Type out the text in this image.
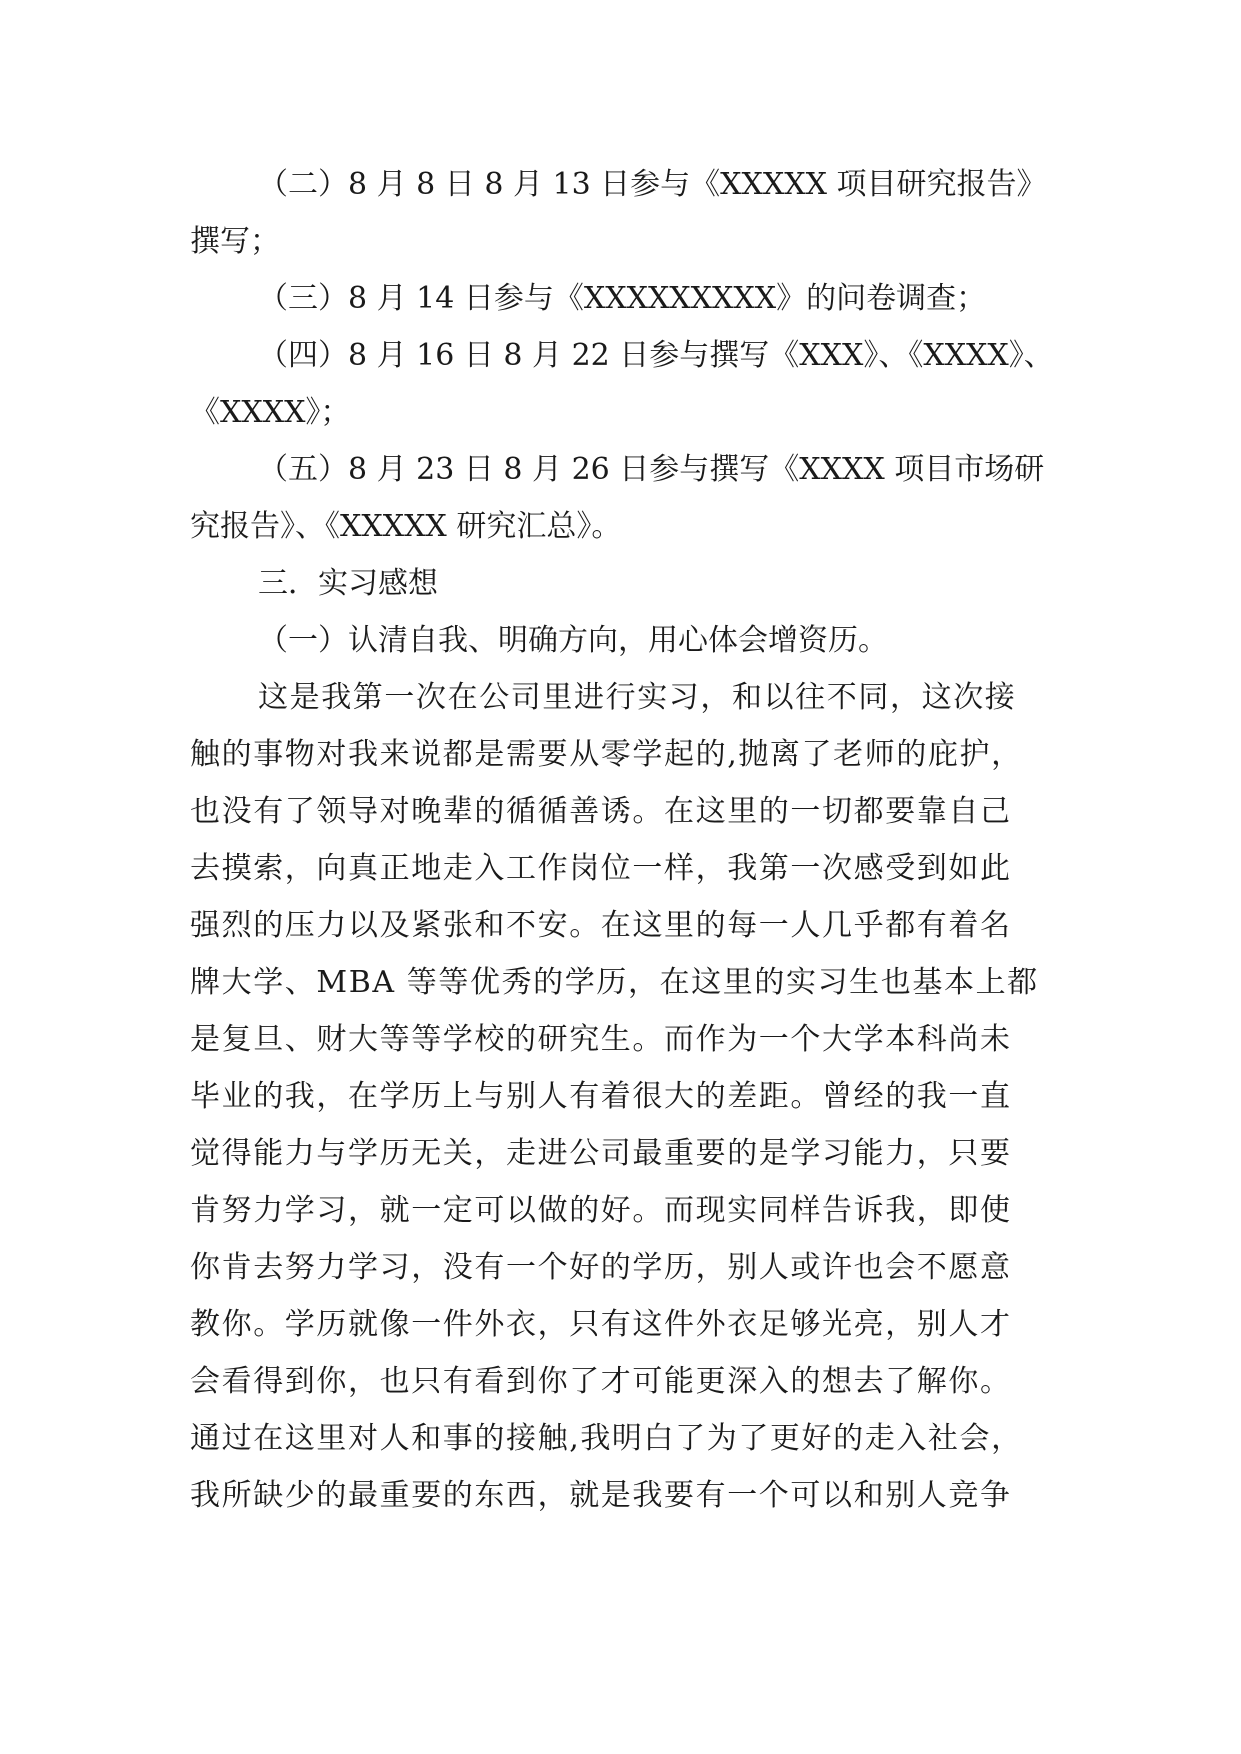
（二）8 月 8 日 8 月 13 日参与《XXXXX 项目研究报告》
撰写；
（三）8 月 14 日参与《XXXXXXXXX》的问卷调查；
（四）8 月 16 日 8 月 22 日参与撰写《XXX》、《XXXX》、
《XXXX》；
（五）8 月 23 日 8 月 26 日参与撰写《XXXX 项目市场研
究报告》、《XXXXX 研究汇总》。
三．实习感想
（一）认清自我、明确方向，用心体会增资历。
这是我第一次在公司里进行实习，和以往不同，这次接
触的事物对我来说都是需要从零学起的,抛离了老师的庇护，
也没有了领导对晚辈的循循善诱。在这里的一切都要靠自己
去摸索，向真正地走入工作岗位一样，我第一次感受到如此
强烈的压力以及紧张和不安。在这里的每一人几乎都有着名
牌大学、MBA 等等优秀的学历，在这里的实习生也基本上都
是复旦、财大等等学校的研究生。而作为一个大学本科尚未
毕业的我，在学历上与别人有着很大的差距。曾经的我一直
觉得能力与学历无关，走进公司最重要的是学习能力，只要
肯努力学习，就一定可以做的好。而现实同样告诉我，即使
你肯去努力学习，没有一个好的学历，别人或许也会不愿意
教你。学历就像一件外衣，只有这件外衣足够光亮，别人才
会看得到你，也只有看到你了才可能更深入的想去了解你。
通过在这里对人和事的接触,我明白了为了更好的走入社会，
我所缺少的最重要的东西，就是我要有一个可以和别人竞争
